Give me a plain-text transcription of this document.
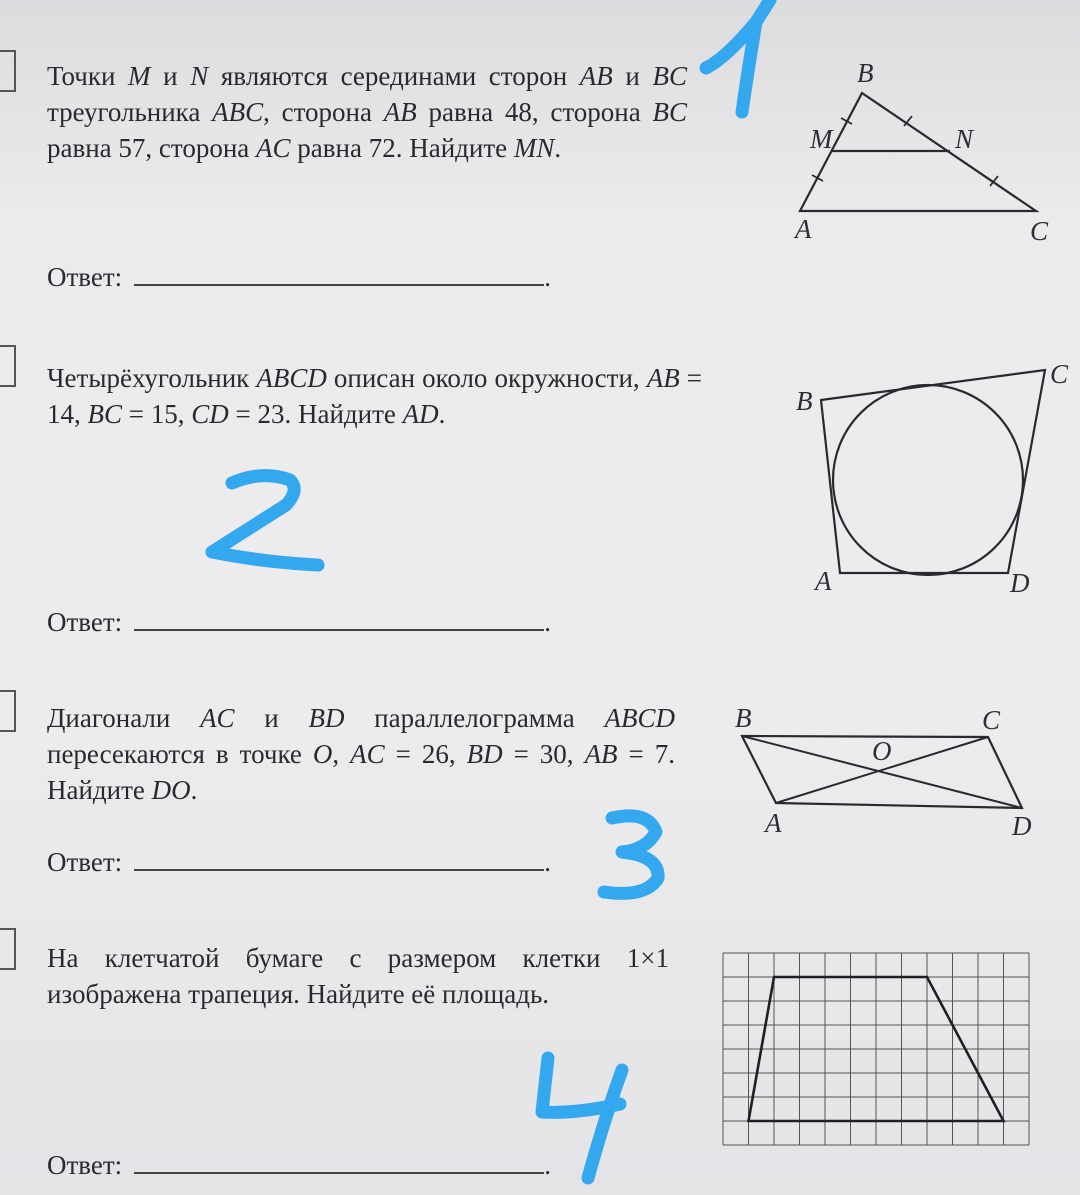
Точки M и N являются серединами сторон AB и BC треугольника ABC, сторона AB равна 48, сторона BC равна 57, сторона AC равна 72. Найдите MN.
Ответ:	.
B
M	N
A	C
Четырёхугольник ABCD описан около окружности, AB = 14, BC = 15, CD = 23. Найдите AD.
Ответ:	.
B
C
A	D
Диагонали AC и BD параллелограмма ABCD пересекаются в точке O, AC = 26, BD = 30, AB = 7. Найдите DO.
Ответ:	.
B	C
O
A	D
На клетчатой бумаге с размером клетки 1×1 изображена трапеция. Найдите её площадь.
Ответ:	.
